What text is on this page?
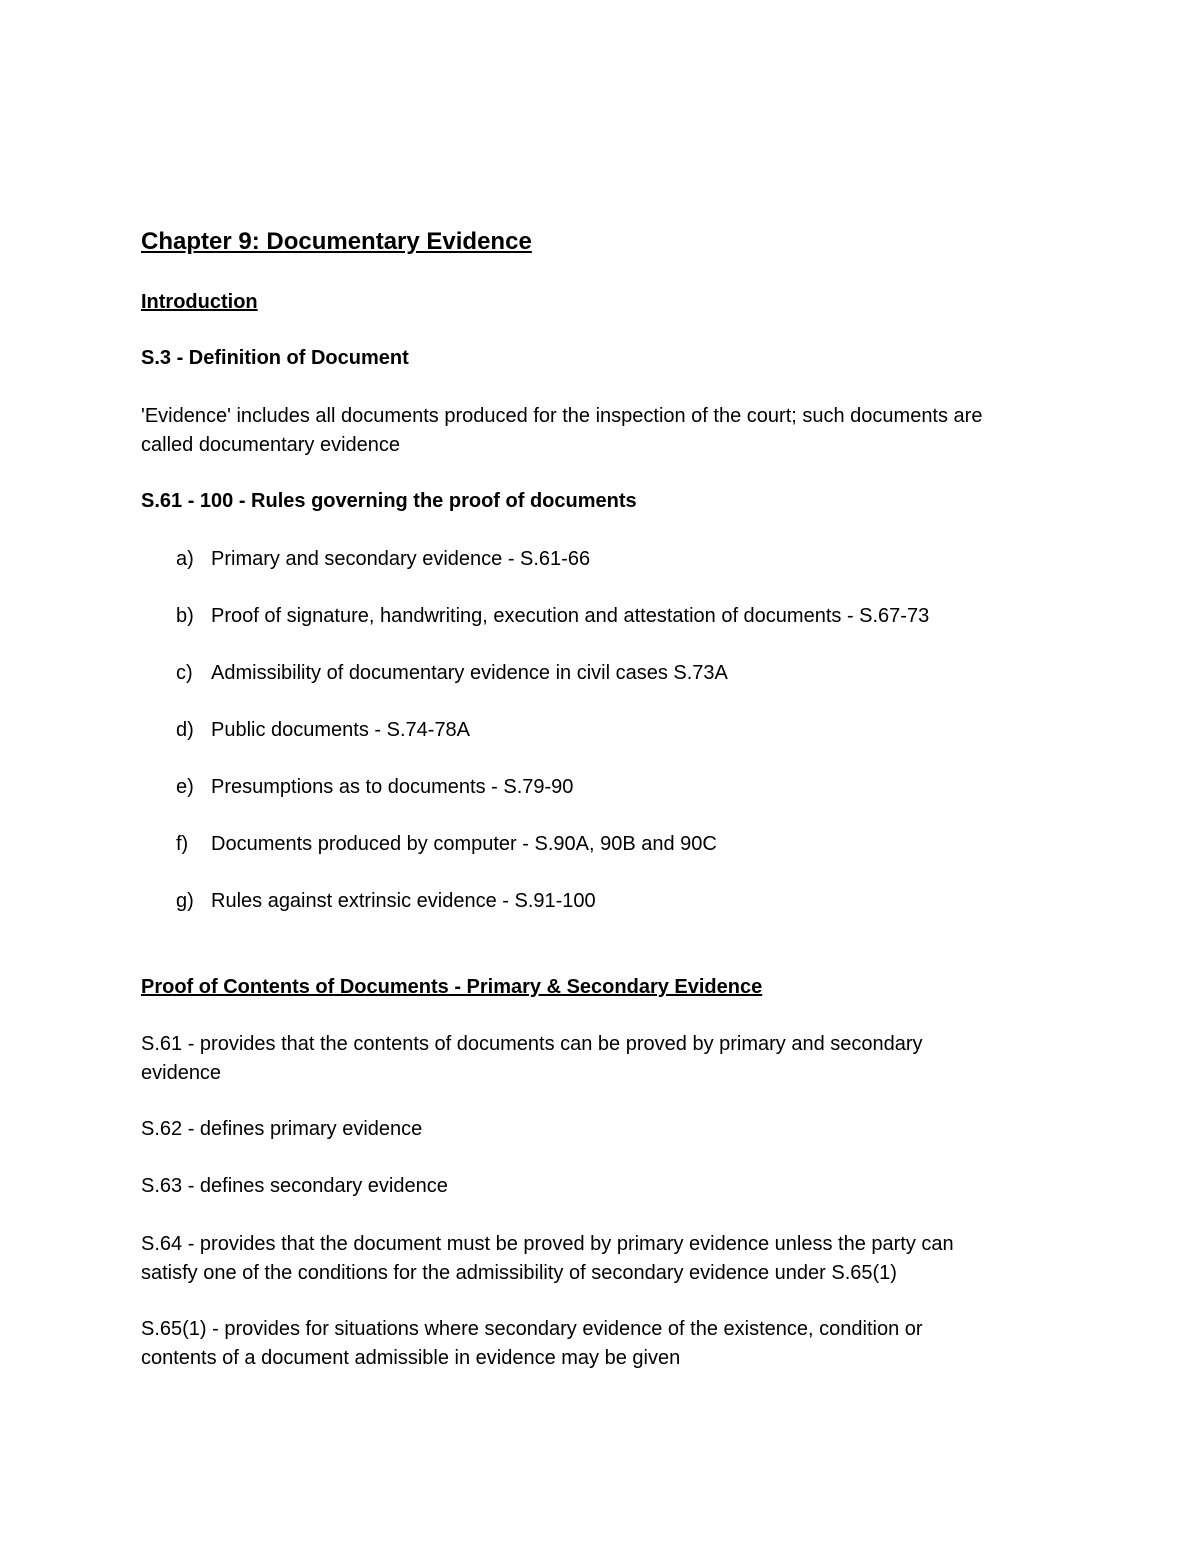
Chapter 9: Documentary Evidence
Introduction
S.3 - Definition of Document
'Evidence' includes all documents produced for the inspection of the court; such documents are
called documentary evidence
S.61 - 100 - Rules governing the proof of documents
a) Primary and secondary evidence - S.61-66
b) Proof of signature, handwriting, execution and attestation of documents - S.67-73
c) Admissibility of documentary evidence in civil cases S.73A
d) Public documents - S.74-78A
e) Presumptions as to documents - S.79-90
f) Documents produced by computer - S.90A, 90B and 90C
g) Rules against extrinsic evidence - S.91-100
Proof of Contents of Documents - Primary & Secondary Evidence
S.61 - provides that the contents of documents can be proved by primary and secondary
evidence
S.62 - defines primary evidence
S.63 - defines secondary evidence
S.64 - provides that the document must be proved by primary evidence unless the party can
satisfy one of the conditions for the admissibility of secondary evidence under S.65(1)
S.65(1) - provides for situations where secondary evidence of the existence, condition or
contents of a document admissible in evidence may be given
